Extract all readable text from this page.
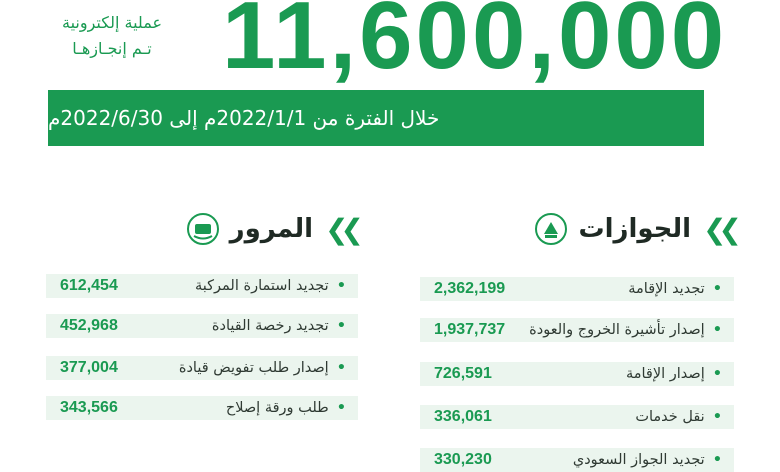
11,600,000
عملية إلكترونية
تـم إنجـازهـا
خلال الفترة من 2022/1/1م إلى 2022/6/30م
❯❯
الجوازات
2,362,199	•تجديد الإقامة
1,937,737	•إصدار تأشيرة الخروج والعودة
726,591	•إصدار الإقامة
336,061	•نقل خدمات
330,230	•تجديد الجواز السعودي
❯❯
المرور
612,454	•تجديد استمارة المركبة
452,968	•تجديد رخصة القيادة
377,004	•إصدار طلب تفويض قيادة
343,566	•طلب ورقة إصلاح
